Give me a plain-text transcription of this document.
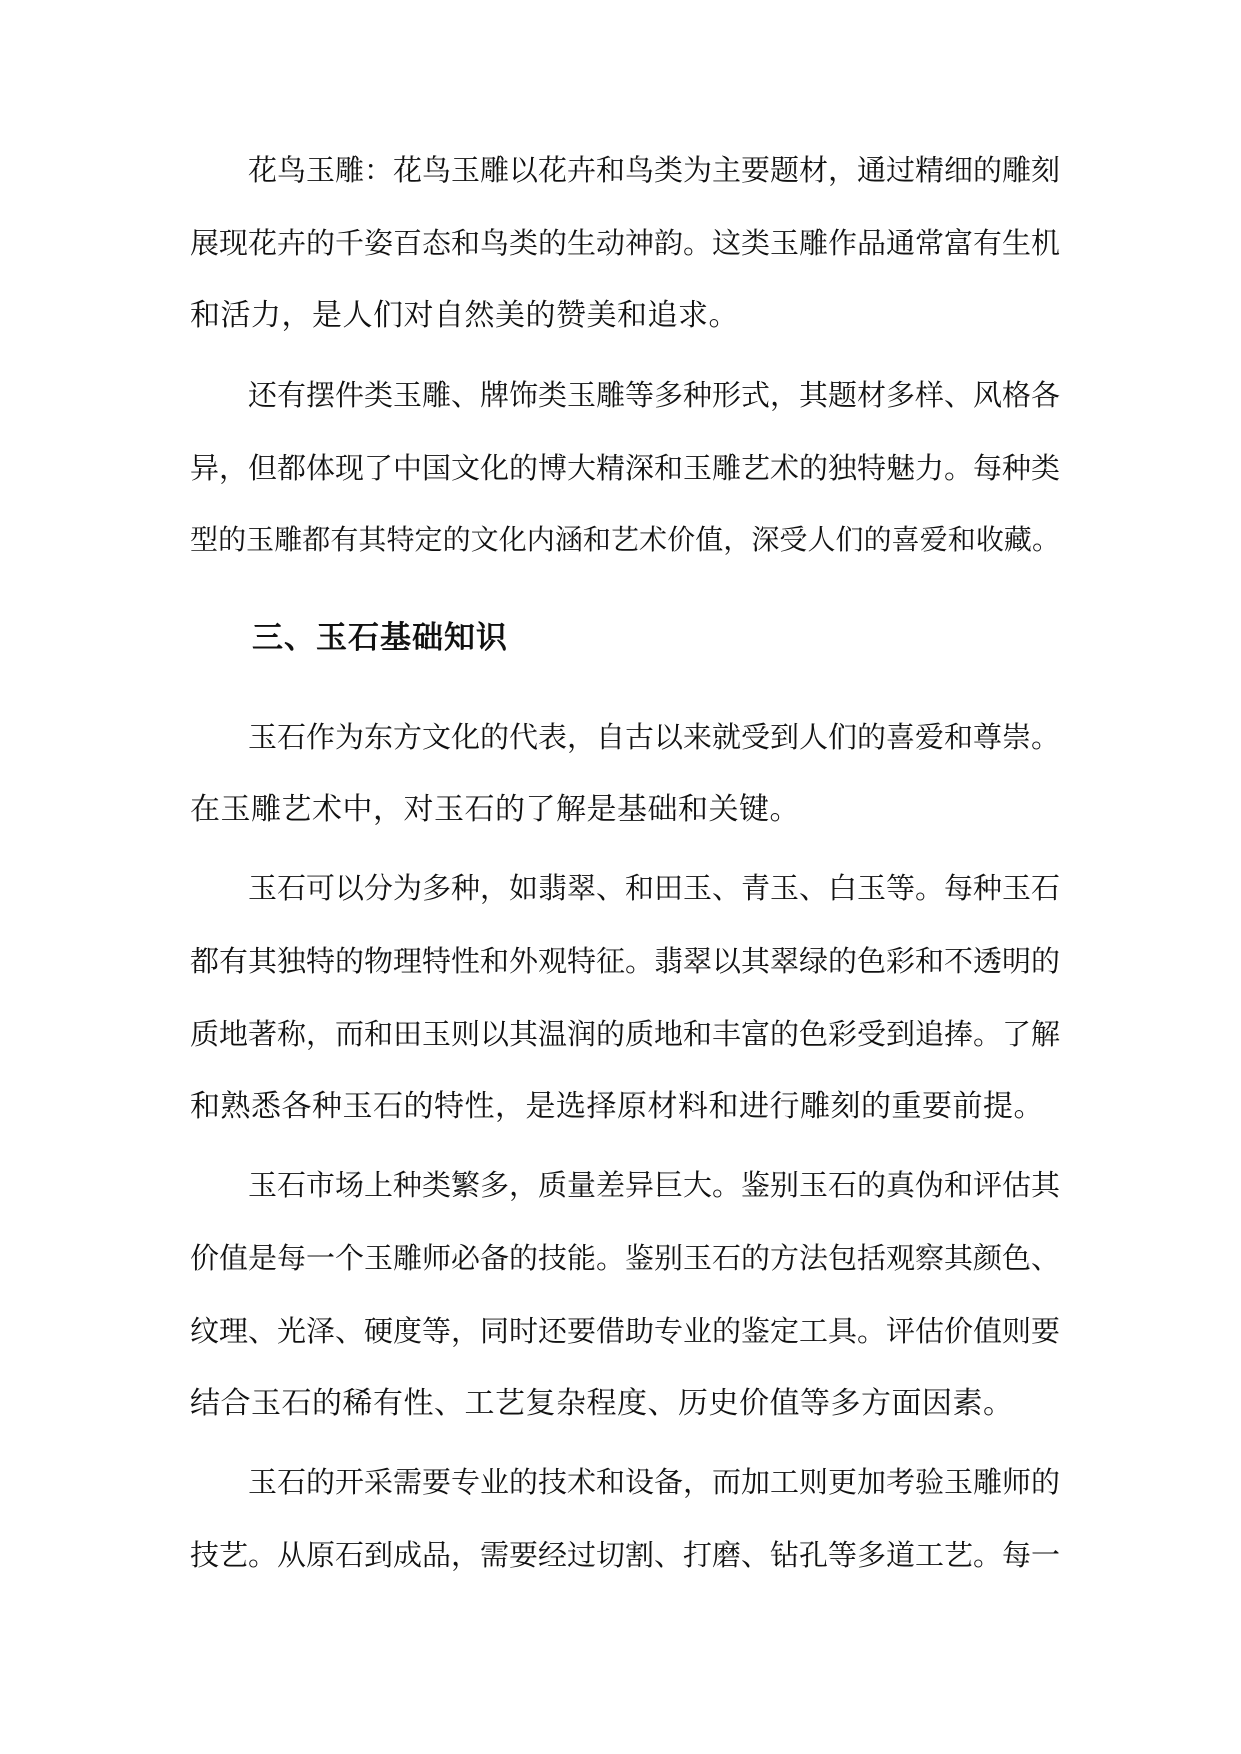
花鸟玉雕：花鸟玉雕以花卉和鸟类为主要题材，通过精细的雕刻
展现花卉的千姿百态和鸟类的生动神韵。这类玉雕作品通常富有生机
和活力，是人们对自然美的赞美和追求。
还有摆件类玉雕、牌饰类玉雕等多种形式，其题材多样、风格各
异，但都体现了中国文化的博大精深和玉雕艺术的独特魅力。每种类
型的玉雕都有其特定的文化内涵和艺术价值，深受人们的喜爱和收藏。
三、玉石基础知识
玉石作为东方文化的代表，自古以来就受到人们的喜爱和尊崇。
在玉雕艺术中，对玉石的了解是基础和关键。
玉石可以分为多种，如翡翠、和田玉、青玉、白玉等。每种玉石
都有其独特的物理特性和外观特征。翡翠以其翠绿的色彩和不透明的
质地著称，而和田玉则以其温润的质地和丰富的色彩受到追捧。了解
和熟悉各种玉石的特性，是选择原材料和进行雕刻的重要前提。
玉石市场上种类繁多，质量差异巨大。鉴别玉石的真伪和评估其
价值是每一个玉雕师必备的技能。鉴别玉石的方法包括观察其颜色、
纹理、光泽、硬度等，同时还要借助专业的鉴定工具。评估价值则要
结合玉石的稀有性、工艺复杂程度、历史价值等多方面因素。
玉石的开采需要专业的技术和设备，而加工则更加考验玉雕师的
技艺。从原石到成品，需要经过切割、打磨、钻孔等多道工艺。每一
